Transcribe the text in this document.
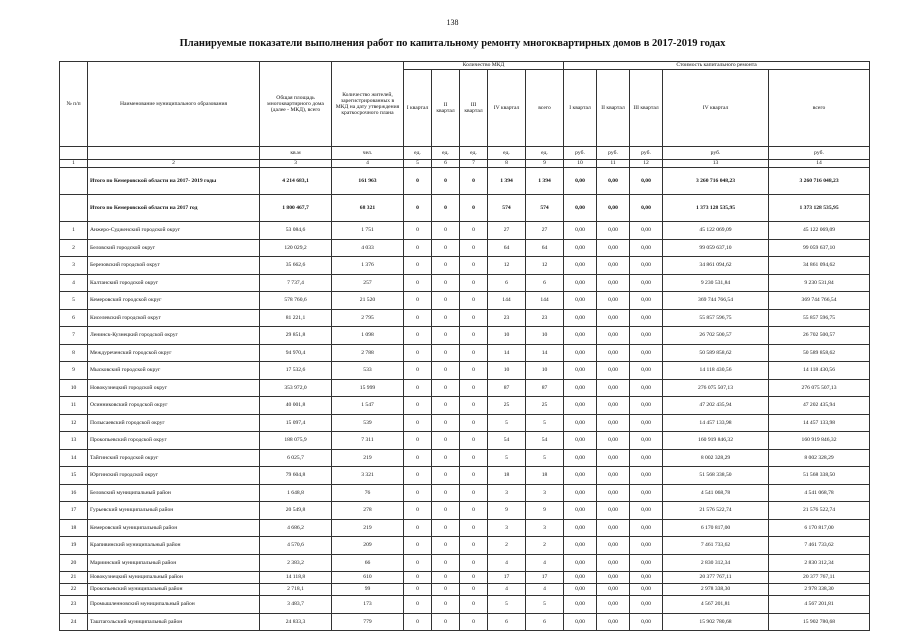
138
Планируемые показатели выполнения работ по капитальному ремонту многоквартирных домов в 2017-2019 годах
№ п/п	Наименование муниципального образования	Общая площадь многоквартирного дома (далее - МКД), всего	Количество жителей, зарегистрированных в МКД на дату утверждения краткосрочного плана	Количество МКД					Стоимость капитального ремонта				
				I квартал	II квартал	III квартал	IV квартал	всего	I квартал	II квартал	III квартал	IV квартал	всего
		кв.м	чел.	ед.	ед.	ед.	ед.	ед.	руб.	руб.	руб.	руб.	руб.
1	2	3	4	5	6	7	8	9	10	11	12	13	14
	Итого по Кемеровской области на 2017- 2019 годы	4 214 683,1	161 963	0	0	0	1 394	1 394	0,00	0,00	0,00	3 260 716 048,23	3 260 716 048,23
	Итого по Кемеровской области на 2017 год	1 800 467,7	68 321	0	0	0	574	574	0,00	0,00	0,00	1 373 128 535,95	1 373 128 535,95
1	Анжеро-Судженский городской округ	53 084,6	1 751	0	0	0	27	27	0,00	0,00	0,00	45 122 069,09	45 122 069,09
2	Беловский городской округ	120 029,2	4 033	0	0	0	64	64	0,00	0,00	0,00	99 059 637,10	99 059 637,10
3	Березовский городской округ	35 662,6	1 376	0	0	0	12	12	0,00	0,00	0,00	34 861 094,62	34 861 094,62
4	Калтанский городской округ	7 737,4	257	0	0	0	6	6	0,00	0,00	0,00	9 230 531,84	9 230 531,84
5	Кемеровский городской округ	578 760,6	21 520	0	0	0	144	144	0,00	0,00	0,00	369 744 766,54	369 744 766,54
6	Киселевский городской округ	81 221,1	2 795	0	0	0	23	23	0,00	0,00	0,00	55 857 596,75	55 857 596,75
7	Ленинск-Кузнецкий городской округ	29 851,8	1 098	0	0	0	10	10	0,00	0,00	0,00	26 702 500,57	26 702 500,57
8	Междуреченский городской округ	94 970,4	2 788	0	0	0	14	14	0,00	0,00	0,00	50 589 858,62	50 589 858,62
9	Мысковский городской округ	17 532,6	533	0	0	0	10	10	0,00	0,00	0,00	14 118 430,56	14 118 430,56
10	Новокузнецкий городской округ	353 972,0	15 999	0	0	0	87	87	0,00	0,00	0,00	276 075 507,13	276 075 507,13
11	Осинниковский городской округ	40 001,8	1 547	0	0	0	25	25	0,00	0,00	0,00	47 202 435,94	47 202 435,94
12	Полысаевский городской округ	15 097,4	539	0	0	0	5	5	0,00	0,00	0,00	14 457 133,98	14 457 133,98
13	Прокопьевский городской округ	188 075,9	7 311	0	0	0	54	54	0,00	0,00	0,00	160 919 846,32	160 919 846,32
14	Тайгинский городской округ	6 025,7	219	0	0	0	5	5	0,00	0,00	0,00	8 002 328,29	8 002 328,29
15	Юргинский городской округ	79 604,8	3 321	0	0	0	18	18	0,00	0,00	0,00	51 568 338,50	51 568 338,50
16	Беловский муниципальный район	1 648,8	76	0	0	0	3	3	0,00	0,00	0,00	4 541 068,78	4 541 068,78
17	Гурьевский муниципальный район	20 549,8	278	0	0	0	9	9	0,00	0,00	0,00	21 576 522,74	21 576 522,74
18	Кемеровский муниципальный район	4 686,2	219	0	0	0	3	3	0,00	0,00	0,00	6 170 817,00	6 170 817,00
19	Крапивинский муниципальный район	4 570,6	209	0	0	0	2	2	0,00	0,00	0,00	7 461 733,62	7 461 733,62
20	Мариинский муниципальный район	2 383,2	66	0	0	0	4	4	0,00	0,00	0,00	2 830 312,34	2 830 312,34
21	Новокузнецкий муниципальный район	14 118,8	610	0	0	0	17	17	0,00	0,00	0,00	20 377 767,11	20 377 767,11
22	Прокопьевский муниципальный район	2 718,1	99	0	0	0	4	4	0,00	0,00	0,00	2 978 338,30	2 978 338,30
23	Промышленновский муниципальный район	3 483,7	173	0	0	0	5	5	0,00	0,00	0,00	4 567 201,81	4 567 201,81
24	Таштагольский муниципальный район	24 833,3	779	0	0	0	6	6	0,00	0,00	0,00	15 902 780,68	15 902 780,68
